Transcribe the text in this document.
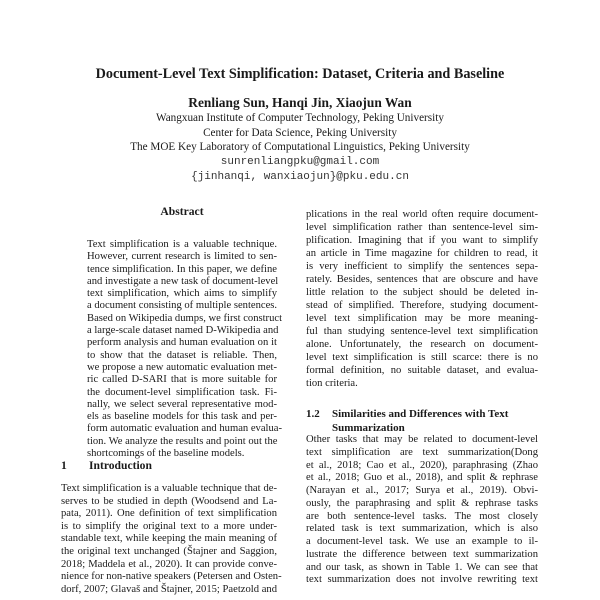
Document-Level Text Simplification: Dataset, Criteria and Baseline
Renliang Sun, Hanqi Jin, Xiaojun Wan
Wangxuan Institute of Computer Technology, Peking University
Center for Data Science, Peking University
The MOE Key Laboratory of Computational Linguistics, Peking University
sunrenliangpku@gmail.com
{jinhanqi, wanxiaojun}@pku.edu.cn
Abstract
Text simplification is a valuable technique.
However, current research is limited to sen-
tence simplification. In this paper, we define
and investigate a new task of document-level
text simplification, which aims to simplify
a document consisting of multiple sentences.
Based on Wikipedia dumps, we first construct
a large-scale dataset named D-Wikipedia and
perform analysis and human evaluation on it
to show that the dataset is reliable. Then,
we propose a new automatic evaluation met-
ric called D-SARI that is more suitable for
the document-level simplification task. Fi-
nally, we select several representative mod-
els as baseline models for this task and per-
form automatic evaluation and human evalua-
tion. We analyze the results and point out the
shortcomings of the baseline models.
1 Introduction
Text simplification is a valuable technique that de-
serves to be studied in depth (Woodsend and La-
pata, 2011). One definition of text simplification
is to simplify the original text to a more under-
standable text, while keeping the main meaning of
the original text unchanged (Štajner and Saggion,
2018; Maddela et al., 2020). It can provide conve-
nience for non-native speakers (Petersen and Osten-
dorf, 2007; Glavaš and Štajner, 2015; Paetzold and
plications in the real world often require document-
level simplification rather than sentence-level sim-
plification. Imagining that if you want to simplify
an article in Time magazine for children to read, it
is very inefficient to simplify the sentences sepa-
rately. Besides, sentences that are obscure and have
little relation to the subject should be deleted in-
stead of simplified. Therefore, studying document-
level text simplification may be more meaning-
ful than studying sentence-level text simplification
alone. Unfortunately, the research on document-
level text simplification is still scarce: there is no
formal definition, no suitable dataset, and evalua-
tion criteria.
1.2 Similarities and Differences with Text
Summarization
Other tasks that may be related to document-level
text simplification are text summarization(Dong
et al., 2018; Cao et al., 2020), paraphrasing (Zhao
et al., 2018; Guo et al., 2018), and split & rephrase
(Narayan et al., 2017; Surya et al., 2019). Obvi-
ously, the paraphrasing and split & rephrase tasks
are both sentence-level tasks. The most closely
related task is text summarization, which is also
a document-level task. We use an example to il-
lustrate the difference between text summarization
and our task, as shown in Table 1. We can see that
text summarization does not involve rewriting text
